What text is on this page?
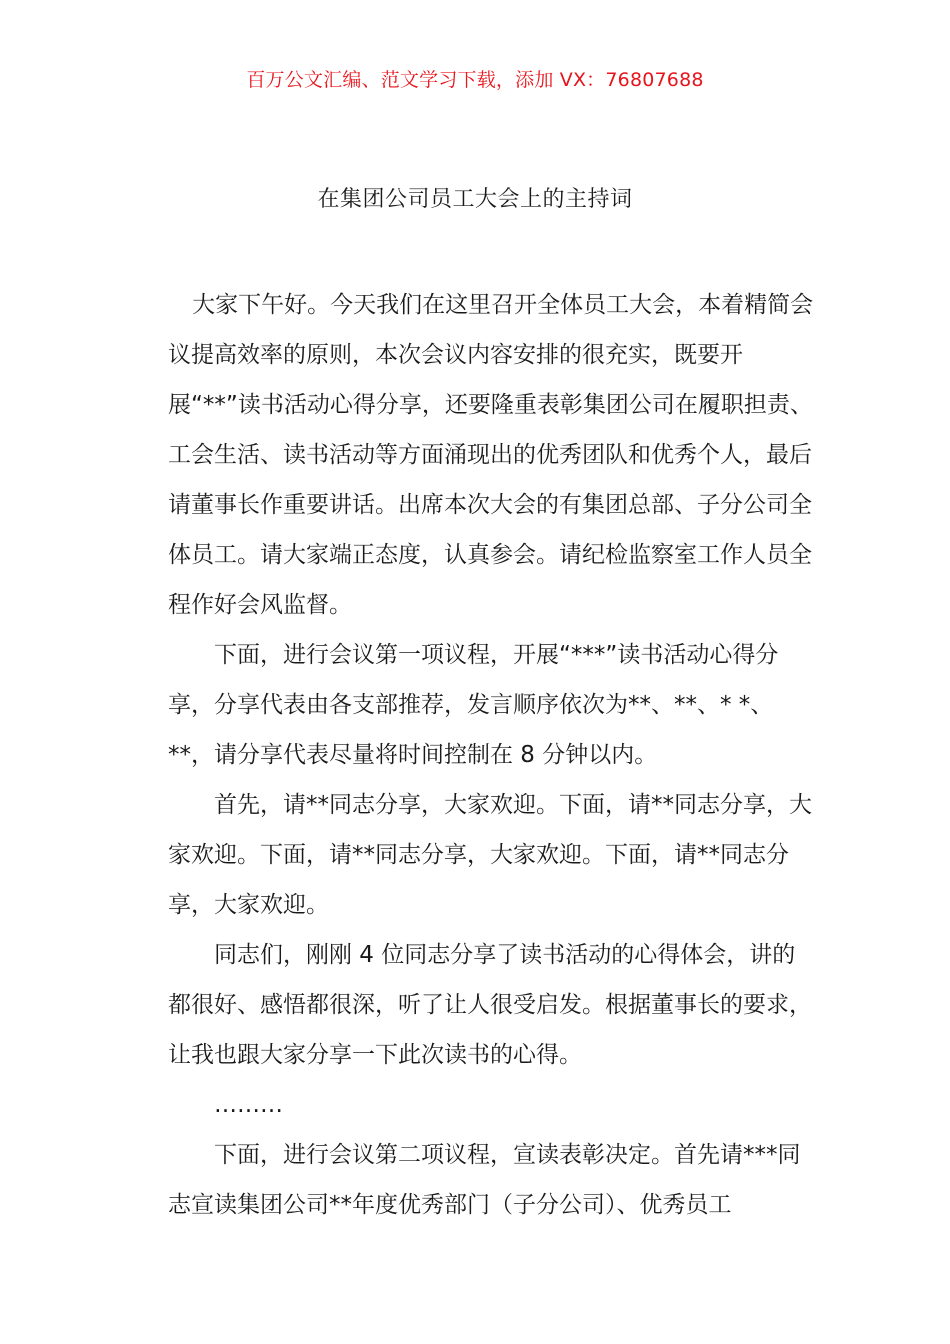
百万公文汇编、范文学习下载，添加 VX：76807688
在集团公司员工大会上的主持词

大家下午好。今天我们在这里召开全体员工大会，本着精简会议提高效率的原则，本次会议内容安排的很充实，既要开展“**”读书活动心得分享，还要隆重表彰集团公司在履职担责、工会生活、读书活动等方面涌现出的优秀团队和优秀个人，最后请董事长作重要讲话。出席本次大会的有集团总部、子分公司全体员工。请大家端正态度，认真参会。请纪检监察室工作人员全程作好会风监督。

下面，进行会议第一项议程，开展“***”读书活动心得分享，分享代表由各支部推荐，发言顺序依次为**、**、* *、**，请分享代表尽量将时间控制在 8 分钟以内。

首先，请**同志分享，大家欢迎。下面，请**同志分享，大家欢迎。下面，请**同志分享，大家欢迎。下面，请**同志分享，大家欢迎。

同志们，刚刚 4 位同志分享了读书活动的心得体会，讲的都很好、感悟都很深，听了让人很受启发。根据董事长的要求，让我也跟大家分享一下此次读书的心得。

………

下面，进行会议第二项议程，宣读表彰决定。首先请***同志宣读集团公司**年度优秀部门（子分公司）、优秀员工
